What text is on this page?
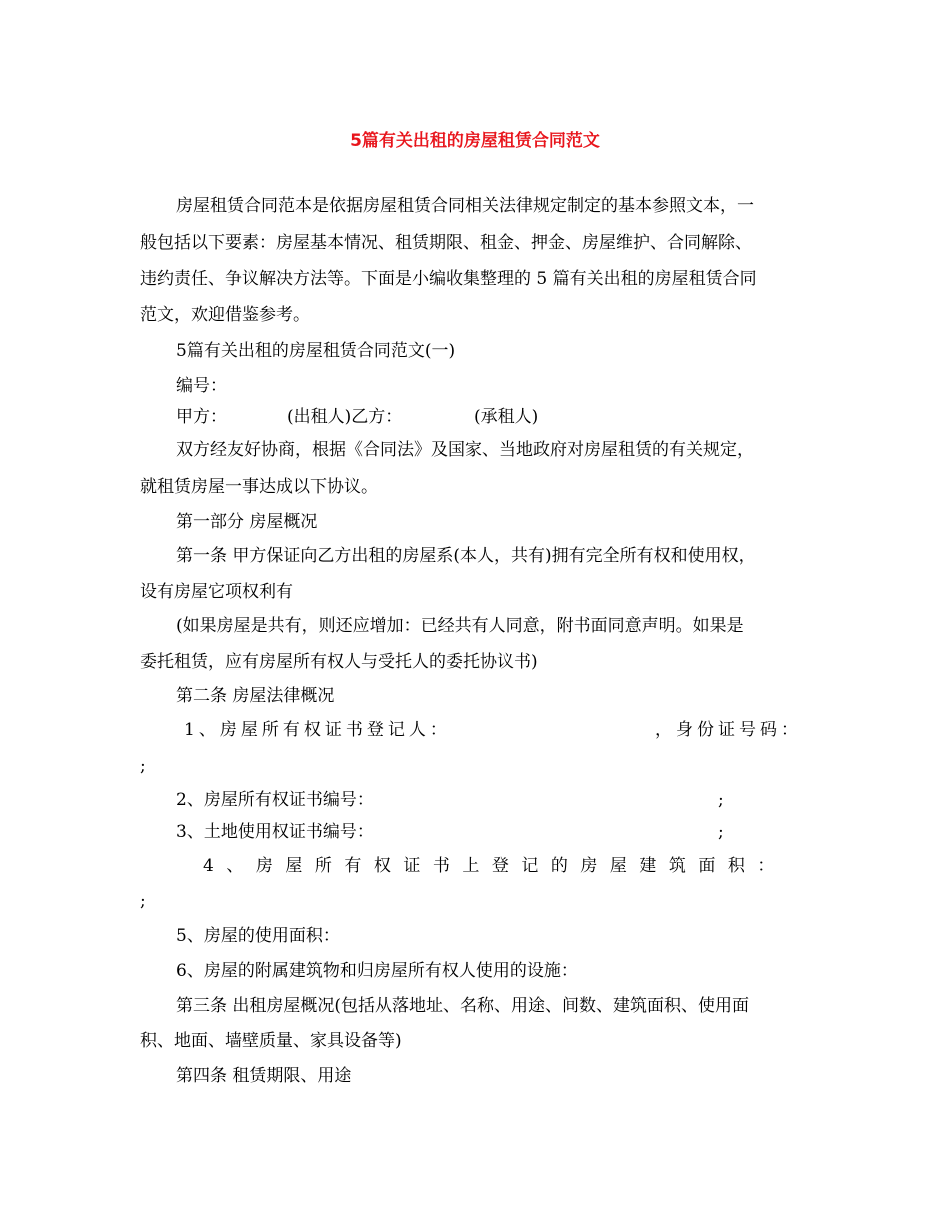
5篇有关出租的房屋租赁合同范文
房屋租赁合同范本是依据房屋租赁合同相关法律规定制定的基本参照文本，一
般包括以下要素：房屋基本情况、租赁期限、租金、押金、房屋维护、合同解除、
违约责任、争议解决方法等。下面是小编收集整理的 5 篇有关出租的房屋租赁合同
范文，欢迎借鉴参考。
5篇有关出租的房屋租赁合同范文(一)
编号：
甲方：	(出租人)乙方：	(承租人)
双方经友好协商，根据《合同法》及国家、当地政府对房屋租赁的有关规定，
就租赁房屋一事达成以下协议。
第一部分 房屋概况
第一条 甲方保证向乙方出租的房屋系(本人，共有)拥有完全所有权和使用权，
设有房屋它项权利有
(如果房屋是共有，则还应增加：已经共有人同意，附书面同意声明。如果是
委托租赁，应有房屋所有权人与受托人的委托协议书)
第二条 房屋法律概况
1、房屋所有权证书登记人：	，身份证号码：
;
2、房屋所有权证书编号：	;
3、土地使用权证书编号：	;
4、房屋所有权证书上登记的房屋建筑面积：
;
5、房屋的使用面积：
6、房屋的附属建筑物和归房屋所有权人使用的设施：
第三条 出租房屋概况(包括从落地址、名称、用途、间数、建筑面积、使用面
积、地面、墙壁质量、家具设备等)
第四条 租赁期限、用途
